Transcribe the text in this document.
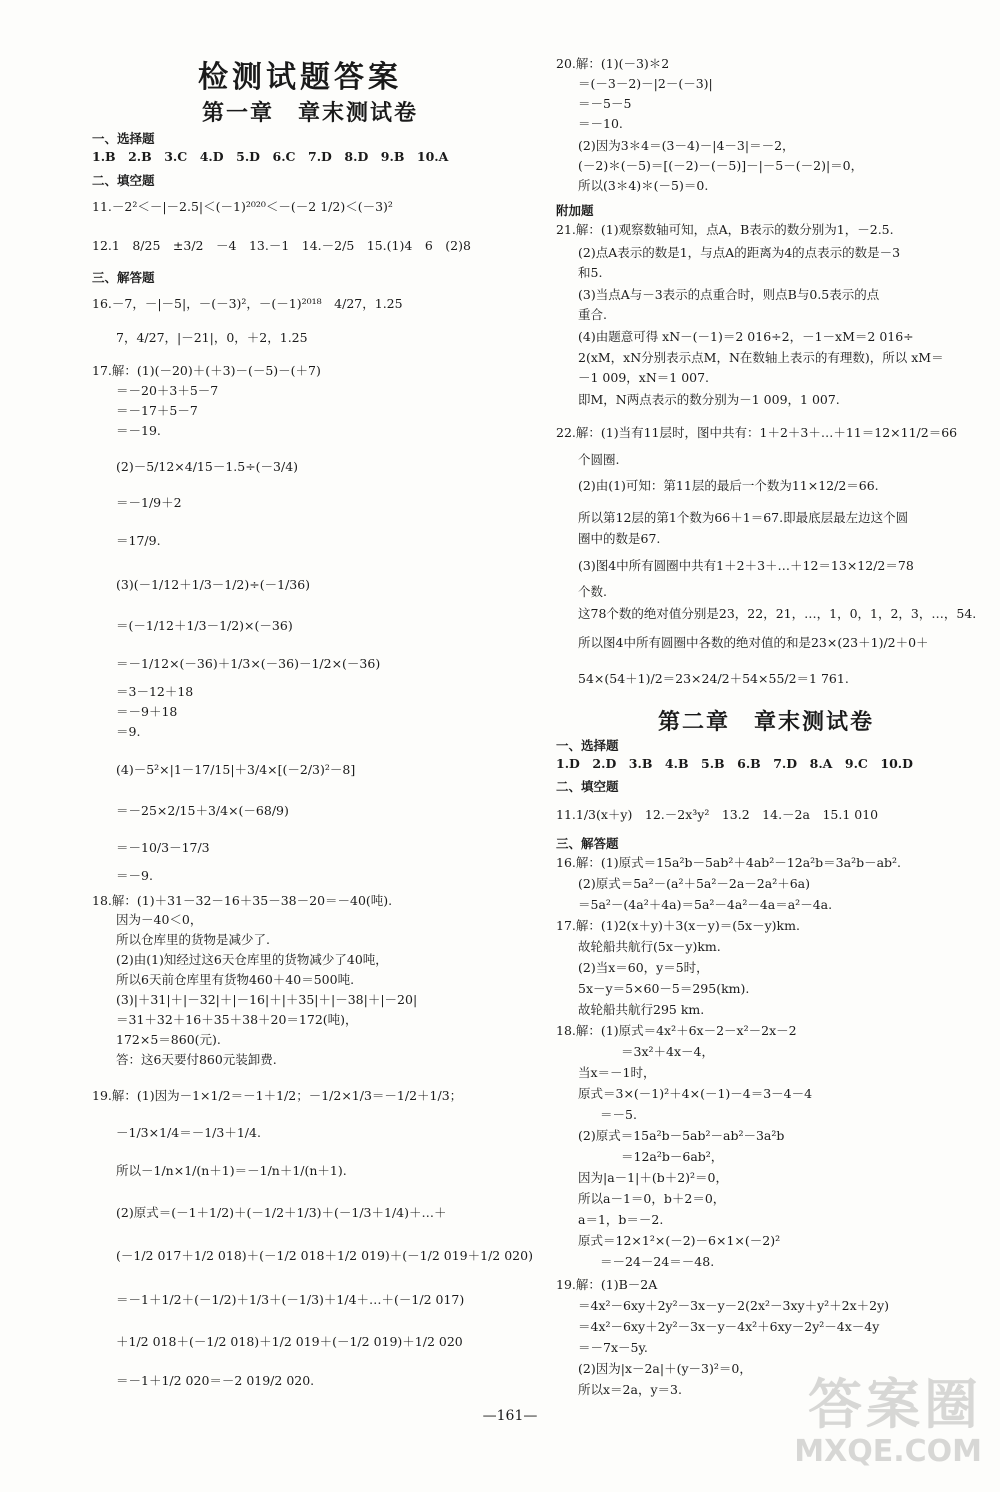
检测试题答案
第一章　章末测试卷
一、选择题
1.B　2.B　3.C　4.D　5.D　6.C　7.D　8.D　9.B　10.A
二、填空题
11.－2²＜－|－2.5|＜(－1)²⁰²⁰＜－(－2 1/2)＜(－3)²
12.1　8/25　±3/2　－4　13.－1　14.－2/5　15.(1)4　6　(2)8
三、解答题
16.－7，－|－5|，－(－3)²，－(－1)²⁰¹⁸　4/27，1.25
7，4/27，|－21|，0，＋2，1.25
17.解：(1)(－20)＋(＋3)－(－5)－(＋7)
＝－20＋3＋5－7
＝－17＋5－7
＝－19.
(2)－5/12×4/15－1.5÷(－3/4)
＝－1/9＋2
＝17/9.
(3)(－1/12＋1/3－1/2)÷(－1/36)
＝(－1/12＋1/3－1/2)×(－36)
＝－1/12×(－36)＋1/3×(－36)－1/2×(－36)
＝3－12＋18
＝－9＋18
＝9.
(4)－5²×|1－17/15|＋3/4×[(－2/3)²－8]
＝－25×2/15＋3/4×(－68/9)
＝－10/3－17/3
＝－9.
18.解：(1)＋31－32－16＋35－38－20＝－40(吨).
因为－40＜0，
所以仓库里的货物是减少了.
(2)由(1)知经过这6天仓库里的货物减少了40吨，
所以6天前仓库里有货物460＋40＝500吨.
(3)|＋31|＋|－32|＋|－16|＋|＋35|＋|－38|＋|－20|
＝31＋32＋16＋35＋38＋20＝172(吨)，
172×5＝860(元).
答：这6天要付860元装卸费.
19.解：(1)因为－1×1/2＝－1＋1/2；－1/2×1/3＝－1/2＋1/3；
－1/3×1/4＝－1/3＋1/4.
所以－1/n×1/(n＋1)＝－1/n＋1/(n＋1).
(2)原式＝(－1＋1/2)＋(－1/2＋1/3)＋(－1/3＋1/4)＋…＋
(－1/2 017＋1/2 018)＋(－1/2 018＋1/2 019)＋(－1/2 019＋1/2 020)
＝－1＋1/2＋(－1/2)＋1/3＋(－1/3)＋1/4＋…＋(－1/2 017)
＋1/2 018＋(－1/2 018)＋1/2 019＋(－1/2 019)＋1/2 020
＝－1＋1/2 020＝－2 019/2 020.
20.解：(1)(－3)＊2
＝(－3－2)－|2－(－3)|
＝－5－5
＝－10.
(2)因为3＊4＝(3－4)－|4－3|＝－2，
(－2)＊(－5)＝[(－2)－(－5)]－|－5－(－2)|＝0，
所以(3＊4)＊(－5)＝0.
附加题
21.解：(1)观察数轴可知，点A，B表示的数分别为1，－2.5.
(2)点A表示的数是1，与点A的距离为4的点表示的数是－3
和5.
(3)当点A与－3表示的点重合时，则点B与0.5表示的点
重合.
(4)由题意可得 xN－(－1)＝2 016÷2，－1－xM＝2 016÷
2(xM，xN分别表示点M，N在数轴上表示的有理数)，所以 xM＝
－1 009，xN＝1 007.
即M，N两点表示的数分别为－1 009，1 007.
22.解：(1)当有11层时，图中共有：1＋2＋3＋…＋11＝12×11/2＝66
个圆圈.
(2)由(1)可知：第11层的最后一个数为11×12/2＝66.
所以第12层的第1个数为66＋1＝67.即最底层最左边这个圆
圈中的数是67.
(3)图4中所有圆圈中共有1＋2＋3＋…＋12＝13×12/2＝78
个数.
这78个数的绝对值分别是23，22，21，…，1，0，1，2，3，…，54.
所以图4中所有圆圈中各数的绝对值的和是23×(23＋1)/2＋0＋
54×(54＋1)/2＝23×24/2＋54×55/2＝1 761.
第二章　章末测试卷
一、选择题
1.D　2.D　3.B　4.B　5.B　6.B　7.D　8.A　9.C　10.D
二、填空题
11.1/3(x＋y)　12.－2x³y²　13.2　14.－2a　15.1 010
三、解答题
16.解：(1)原式＝15a²b－5ab²＋4ab²－12a²b＝3a²b－ab².
(2)原式＝5a²－(a²＋5a²－2a－2a²＋6a)
＝5a²－(4a²＋4a)＝5a²－4a²－4a＝a²－4a.
17.解：(1)2(x＋y)＋3(x－y)＝(5x－y)km.
故轮船共航行(5x－y)km.
(2)当x＝60，y＝5时，
5x－y＝5×60－5＝295(km).
故轮船共航行295 km.
18.解：(1)原式＝4x²＋6x－2－x²－2x－2
＝3x²＋4x－4，
当x＝－1时，
原式＝3×(－1)²＋4×(－1)－4＝3－4－4
＝－5.
(2)原式＝15a²b－5ab²－ab²－3a²b
＝12a²b－6ab²，
因为|a－1|＋(b＋2)²＝0，
所以a－1＝0，b＋2＝0，
a＝1，b＝－2.
原式＝12×1²×(－2)－6×1×(－2)²
＝－24－24＝－48.
19.解：(1)B－2A
＝4x²－6xy＋2y²－3x－y－2(2x²－3xy＋y²＋2x＋2y)
＝4x²－6xy＋2y²－3x－y－4x²＋6xy－2y²－4x－4y
＝－7x－5y.
(2)因为|x－2a|＋(y－3)²＝0，
所以x＝2a，y＝3.
—161—	答案圈
MXQE.COM
